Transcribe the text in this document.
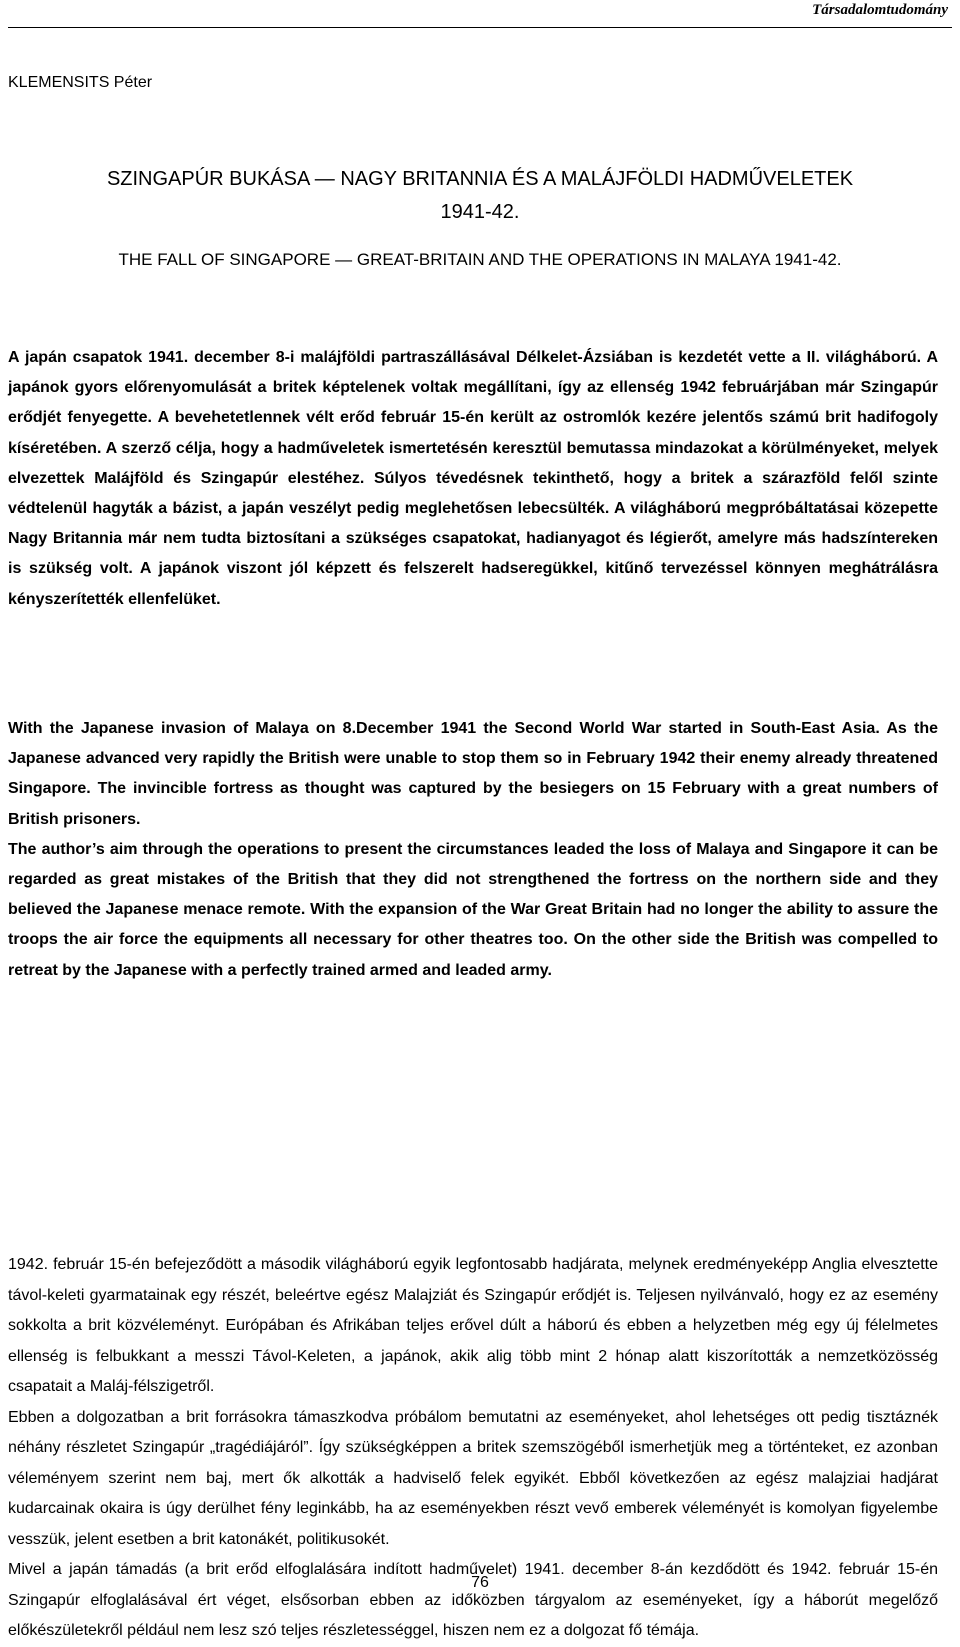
Társadalomtudomány
KLEMENSITS Péter
SZINGAPÚR BUKÁSA — NAGY BRITANNIA ÉS A MALÁJFÖLDI HADMŰVELETEK
1941-42.
THE FALL OF SINGAPORE — GREAT-BRITAIN AND THE OPERATIONS IN MALAYA 1941-42.

A japán csapatok 1941. december 8-i malájföldi partraszállásával Délkelet-Ázsiában is kezdetét vette a II. világháború. A japánok gyors előrenyomulását a britek képtelenek voltak megállítani, így az ellenség 1942 februárjában már Szingapúr erődjét fenyegette. A bevehetetlennek vélt erőd február 15-én került az ostromlók kezére jelentős számú brit hadifogoly kíséretében. A szerző célja, hogy a hadműveletek ismertetésén keresztül bemutassa mindazokat a körülményeket, melyek elvezettek Malájföld és Szingapúr elestéhez. Súlyos tévedésnek tekinthető, hogy a britek a szárazföld felől szinte védtelenül hagyták a bázist, a japán veszélyt pedig meglehetősen lebecsülték. A világháború megpróbáltatásai közepette Nagy Britannia már nem tudta biztosítani a szükséges csapatokat, hadianyagot és légierőt, amelyre más hadszíntereken is szükség volt. A japánok viszont jól képzett és felszerelt hadseregükkel, kitűnő tervezéssel könnyen meghátrálásra kényszerítették ellenfelüket.

With the Japanese invasion of Malaya on 8.December 1941 the Second World War started in South-East Asia. As the Japanese advanced very rapidly the British were unable to stop them so in February 1942 their enemy already threatened Singapore. The invincible fortress as thought was captured by the besiegers on 15 February with a great numbers of British prisoners.

The author’s aim through the operations to present the circumstances leaded the loss of Malaya and Singapore it can be regarded as great mistakes of the British that they did not strengthened the fortress on the northern side and they believed the Japanese menace remote. With the expansion of the War Great Britain had no longer the ability to assure the troops the air force the equipments all necessary for other theatres too. On the other side the British was compelled to retreat by the Japanese with a perfectly trained armed and leaded army.

1942. február 15-én befejeződött a második világháború egyik legfontosabb hadjárata, melynek eredményeképp Anglia elvesztette távol-keleti gyarmatainak egy részét, beleértve egész Malajziát és Szingapúr erődjét is. Teljesen nyilvánvaló, hogy ez az esemény sokkolta a brit közvéleményt. Európában és Afrikában teljes erővel dúlt a háború és ebben a helyzetben még egy új félelmetes ellenség is felbukkant a messzi Távol-Keleten, a japánok, akik alig több mint 2 hónap alatt kiszorították a nemzetközösség csapatait a Maláj-félszigetről.

Ebben a dolgozatban a brit forrásokra támaszkodva próbálom bemutatni az eseményeket, ahol lehetséges ott pedig tisztáznék néhány részletet Szingapúr „tragédiájáról”. Így szükségképpen a britek szemszögéből ismerhetjük meg a történteket, ez azonban véleményem szerint nem baj, mert ők alkották a hadviselő felek egyikét. Ebből következően az egész malajziai hadjárat kudarcainak okaira is úgy derülhet fény leginkább, ha az eseményekben részt vevő emberek véleményét is komolyan figyelembe vesszük, jelent esetben a brit katonákét, politikusokét.

Mivel a japán támadás (a brit erőd elfoglalására indított hadművelet) 1941. december 8-án kezdődött és 1942. február 15-én Szingapúr elfoglalásával ért véget, elsősorban ebben az időközben tárgyalom az eseményeket, így a háborút megelőző előkészületekről például nem lesz szó teljes részletességgel, hiszen nem ez a dolgozat fő témája.

76
